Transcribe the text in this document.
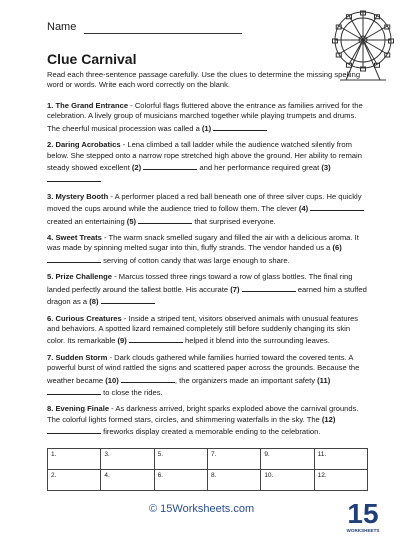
Name
Clue Carnival
Read each three-sentence passage carefully. Use the clues to determine the missing spelling word or words. Write each word correctly on the blank.

1. The Grand Entrance - Colorful flags fluttered above the entrance as families arrived for the celebration. A lively group of musicians marched together while playing trumpets and drums. The cheerful musical procession was called a (1)

2. Daring Acrobatics - Lena climbed a tall ladder while the audience watched silently from below. She stepped onto a narrow rope stretched high above the ground. Her ability to remain steady showed excellent (2)	and her performance required great (3)

3. Mystery Booth - A performer placed a red ball beneath one of three silver cups. He quickly moved the cups around while the audience tried to follow them. The clever (4)  created an entertaining (5)	that surprised everyone.

4. Sweet Treats - The warm snack smelled sugary and filled the air with a delicious aroma. It was made by spinning melted sugar into thin, fluffy strands. The vendor handed us a (6)  serving of cotton candy that was large enough to share.

5. Prize Challenge - Marcus tossed three rings toward a row of glass bottles. The final ring landed perfectly around the tallest bottle. His accurate (7)	earned him a stuffed dragon as a (8)

6. Curious Creatures - Inside a striped tent, visitors observed animals with unusual features and behaviors. A spotted lizard remained completely still before suddenly changing its skin color. Its remarkable (9)	helped it blend into the surrounding leaves.

7. Sudden Storm - Dark clouds gathered while families hurried toward the covered tents. A powerful burst of wind rattled the signs and scattered paper across the grounds. Because the weather became (10)	, the organizers made an important safety (11)  to close the rides.

8. Evening Finale - As darkness arrived, bright sparks exploded above the carnival grounds. The colorful lights formed stars, circles, and shimmering waterfalls in the sky. The (12)  fireworks display created a memorable ending to the celebration.

1.	3.	5.	7.	9.	11.
2.	4.	6.	8.	10.	12.
© 15Worksheets.com	15
WORKSHEETS
